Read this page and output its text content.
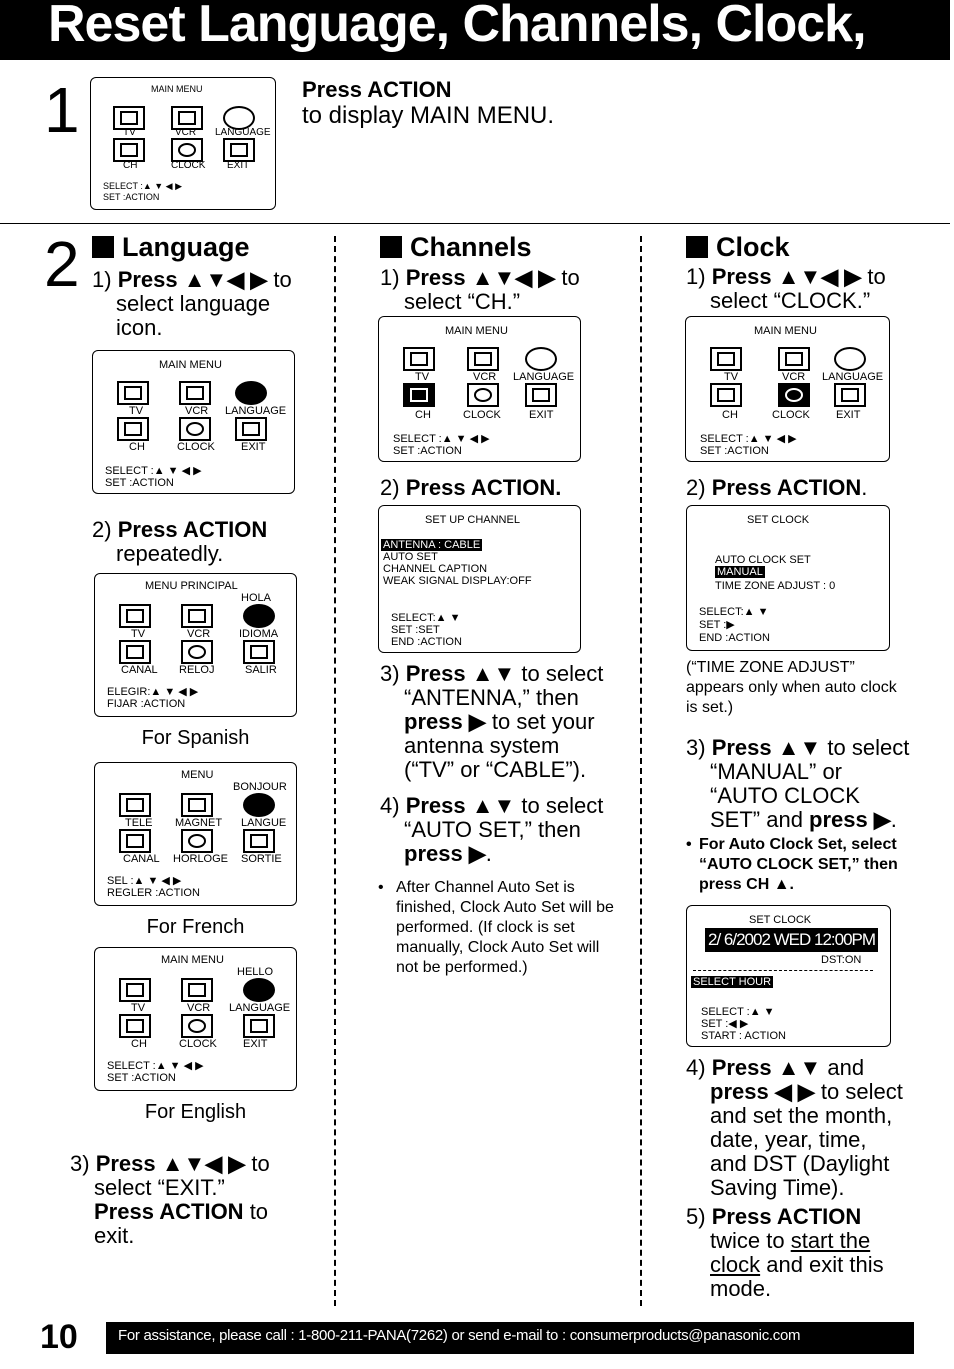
Reset Language, Channels, Clock,
1	MAIN MENU
TV	VCR LANGUAGE
CH	CLOCK EXIT
SELECT :▲ ▼ ◀ ▶
SET :ACTION
Press ACTION
to display MAIN MENU.
2	Language
1) Press ▲▼◀ ▶ to
select language
icon.
MAIN MENU
TV	VCR LANGUAGE
CH	CLOCK EXIT
SELECT :▲ ▼ ◀ ▶
SET :ACTION
2) Press ACTION
repeatedly.
MENU PRINCIPAL
HOLA
TV	VCR	IDIOMA
CANAL RELOJ	SALIR
ELEGIR:▲ ▼ ◀ ▶
FIJAR :ACTION
For Spanish
MENU
BONJOUR
TELE MAGNET LANGUE
CANAL HORLOGE SORTIE
SEL :▲ ▼ ◀ ▶
REGLER :ACTION
For French
MAIN MENU
HELLO
TV	VCR LANGUAGE
CH	CLOCK EXIT
SELECT :▲ ▼ ◀ ▶
SET :ACTION
For English
3) Press ▲▼◀ ▶ to
select “EXIT.”
Press ACTION to
exit.
Channels
1) Press ▲▼◀ ▶ to
select “CH.”
MAIN MENU
TV	VCR LANGUAGE
CH	CLOCK	EXIT
SELECT :▲ ▼ ◀ ▶
SET :ACTION
2) Press ACTION.
SET UP CHANNEL
ANTENNA : CABLE
AUTO SET
CHANNEL CAPTION
WEAK SIGNAL DISPLAY:OFF
SELECT:▲ ▼
SET :SET
END :ACTION
3) Press ▲▼ to select
“ANTENNA,” then
press ▶ to set your
antenna system
(“TV” or “CABLE”).
4) Press ▲▼ to select
“AUTO SET,” then
press ▶.
• After Channel Auto Set is finished, Clock Auto Set will be performed. (If clock is set manually, Clock Auto Set will not be performed.)
Clock
1) Press ▲▼◀ ▶ to
select “CLOCK.”
MAIN MENU
TV	VCR LANGUAGE
CH	CLOCK EXIT
SELECT :▲ ▼ ◀ ▶
SET :ACTION
2) Press ACTION.
SET CLOCK
AUTO CLOCK SET
MANUAL
TIME ZONE ADJUST : 0
SELECT:▲ ▼
SET :▶
END :ACTION
(“TIME ZONE ADJUST” appears only when auto clock is set.)
3) Press ▲▼ to select
“MANUAL” or
“AUTO CLOCK
SET” and press ▶.
• For Auto Clock Set, select “AUTO CLOCK SET,” then press CH ▲.
SET CLOCK
2/ 6/2002 WED 12:00PM
DST:ON
SELECT HOUR
SELECT :▲ ▼
SET :◀ ▶
START : ACTION
4) Press ▲▼ and
press ◀ ▶ to select
and set the month,
date, year, time,
and DST (Daylight
Saving Time).
5) Press ACTION
twice to start the
clock and exit this
mode.
10	For assistance, please call : 1-800-211-PANA(7262) or send e-mail to : consumerproducts@panasonic.com
